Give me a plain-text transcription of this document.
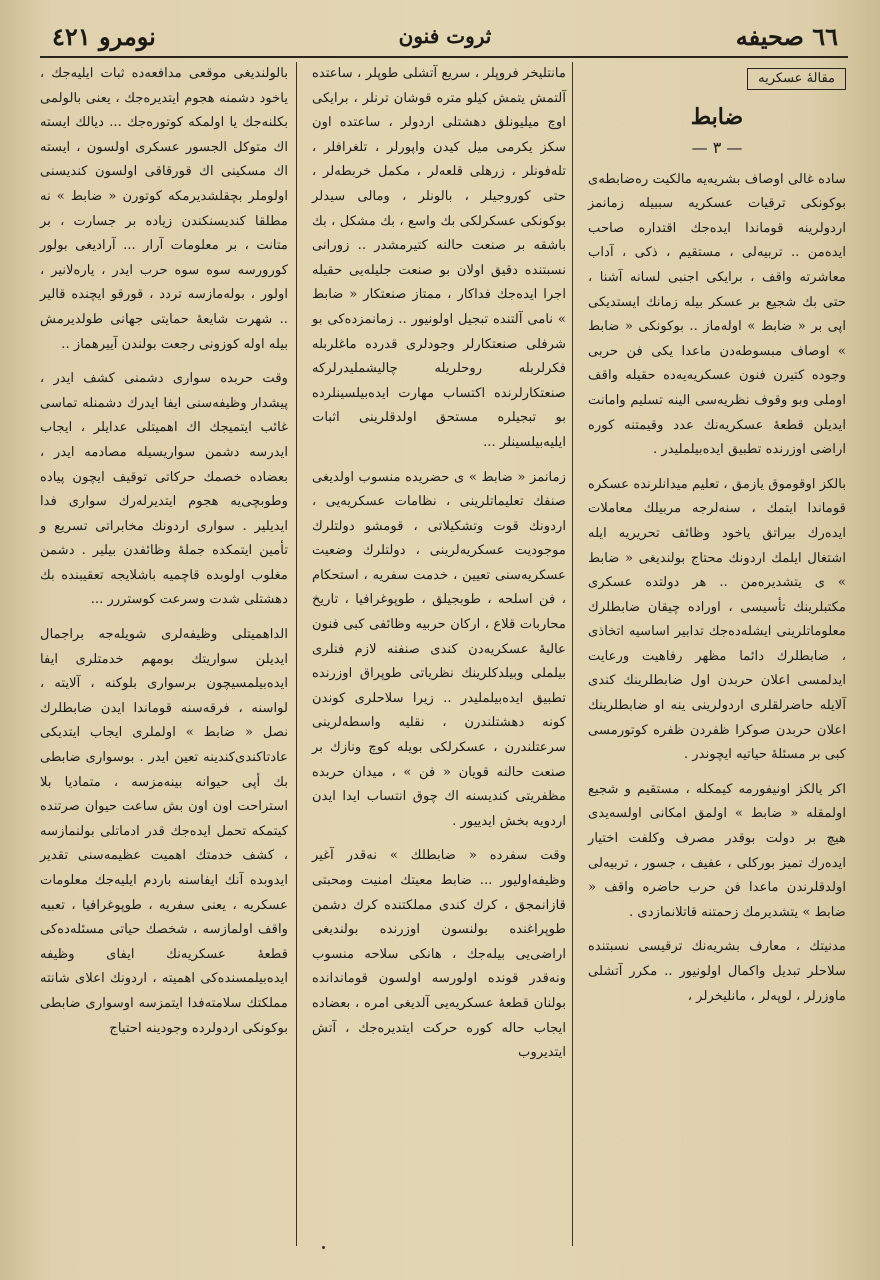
٦٦ صحیفه
ثروت فنون
نومرو ٤٢١
مقالهٔ عسكریه
ضابط
— ٣ —

ساده غالی اوصاف بشریه‌یه مالكیت ره‌ضابطه‌ی بوكونكی ترقیات عسكریه سببیله زمانمز اردولرینه قوماندا ایده‌جك اقتداره صاحب ایده‌من .. تربیه‌لی ، مستقیم ، ذكی ، آداب معاشرته واقف ، برایكی اجنبی لسانه آشنا ، حتی بك شجیع بر عسكر بیله زمانك ایستدیكی اپی بر « ضابط » اوله‌ماز .. بوكونكی « ضابط » اوصاف مبسوطه‌دن ماعدا یكی فن حربی وجوده كتیرن فنون عسكریه‌یه‌ده حقیله واقف اوملی وبو وقوف نظریه‌سی الینه تسلیم وامانت ایدیلن قطعهٔ عسكریه‌نك عدد وقیمتنه كوره اراضی اوزرنده تطبیق ایده‌بیلملیدر .

بالكز اوقوموق یازمق ، تعلیم میدانلرنده عسكره قوماندا ایتمك ، سنه‌لرجه مربیلك معاملات ایده‌رك بیراتق یاخود وظائف تحریریه ایله اشتغال ایلمك اردونك محتاج بولندیغی « ضابط » ی یتشدیره‌من .. هر دولتده عسكری مكتبلرینك تأسیسی ، اوراده چیقان ضابطلرك معلوماتلرینی ایشله‌ده‌جك تدابیر اساسیه اتخاذی ، ضابطلرك دائما مظهر رفاهیت ورعایت ایدلمسی اعلان حربدن اول ضابطلرینك كندی آلایله حاضرلقلری اردولرینی ینه او ضابطلرینك اعلان حربدن صوكرا ظفردن ظفره كوتورمسی كبی بر مسئلهٔ حیاتیه ایچوندر .

اكر یالكز اونیفورمه كیمكله ، مستقیم و شجیع اولمقله « ضابط » اولمق امكانی اولسه‌یدی هیچ بر دولت بوقدر مصرف وكلفت اختیار ایده‌رك تمیز بوركلی ، عفیف ، جسور ، تربیه‌لی اولدقلرندن ماعدا فن حرب حاضره واقف « ضابط » یتشدیرمك زحمتنه قاتلانمازدی .

مدنیتك ، معارف بشریه‌نك ترقیسی نسبتنده سلاحلر تبدیل واكمال اولونیور .. مكرر آتشلی ماوزرلر ، لوپه‌لر ، مانلیخرلر ،

مانتلیخر فروپلر ، سریع آتشلی طوپلر ، ساعتده آلتمش یتمش كیلو متره قوشان ترنلر ، برایكی اوچ میلیونلق دهشتلی اردولر ، ساعتده اون سكز یكرمی میل كیدن واپورلر ، تلغرافلر ، تله‌فونلر ، زرهلی قلعه‌لر ، مكمل خربطه‌لر ، حتی كوروجیلر ، بالونلر ، ومالی سیدلر بوكونكی عسكرلكی بك واسع ، بك مشكل ، بك باشقه بر صنعت حالنه كتیرمشدر .. زورانی نسبتنده دقیق اولان بو صنعت جلیله‌یی حقیله اجرا ایده‌جك فداكار ، ممتاز صنعتكار « ضابط » نامی آلتنده تبجیل اولونیور .. زمانمزده‌كی بو شرفلی صنعتكارلر وجودلری قدرده ماغلربله فكرلربله روحلریله چالیشملیدرلركه صنعتكارلرنده اكتساب مهارت ایده‌بیلسینلرده بو تبجیلره مستحق اولدقلرینی اثبات ایلیه‌بیلسینلر ...

زمانمز « ضابط » ی حضریده منسوب اولدیغی صنفك تعلیماتلرینی ، نظامات عسكریه‌یی ، اردونك قوت وتشكیلاتی ، قومشو دولتلرك موجودیت عسكریه‌لرینی ، دولتلرك وضعیت عسكریه‌سنی تعیین ، خدمت سفریه ، استحكام ، فن اسلحه ، طوبجیلق ، طوپوغرافیا ، تاریخ محاربات قلاع ، اركان حربیه وظائفی كبی فنون عالیهٔ عسكریه‌دن كندی صنفنه لازم فنلری بیلملی وبیلدكلرینك نظریاتی طوپراق اوزرنده تطبیق ایده‌بیلملیدر .. زیرا سلاحلری كوندن كونه دهشتلندرن ، نقلیه واسطه‌لرینی سرعتلندرن ، عسكرلكی بویله كوچ ونازك بر صنعت حالنه قویان « فن » ، میدان حربده مظفریتی كندیسنه اك چوق انتساب ایدا ایدن اردویه بخش ایدییور .

وقت سفرده « ضابطلك » نه‌قدر آغیر وظیفه‌اولیور ... ضابط معیتك امنیت ومحبتی قازانمجق ، كرك كندی مملكتنده كرك دشمن طوپراغنده بولنسون اوزرنده بولندیغی اراضی‌یی بیله‌جك ، هانكی سلاحه منسوب ونه‌قدر قونده اولورسه اولسون قوماندانده بولنان قطعهٔ عسكریه‌یی آلدیغی امره ، بعضاده ایجاب حاله كوره حركت ایتدیره‌جك ، آتش ایتدیروب

بالولندیغی موقعی مدافعه‌ده ثبات ایلیه‌جك ، یاخود دشمنه هجوم ایتدیره‌جك ، یعنی بالولمی بكلنه‌جك یا اولمكه كوتوره‌جك ... دیالك ایسته اك متوكل الجسور عسكری اولسون ، ایسته اك مسكینی اك قورقاقی اولسون كندیسنی اولوملر بچقلشدیرمكه كوتورن « ضابط » نه مطلقا كندیسنكندن زیاده بر جسارت ، بر متانت ، بر معلومات آرار ... آرادیغی بولور كورورسه سوه سوه حرب ایدر ، یارەلانیر ، اولور ، بولەمازسه تردد ، قورقو ایچنده قالیر .. شهرت شایعهٔ حمایتی جهانی طولدیرمش بیله اوله كوزونی رجعت بولندن آییرهماز ..

وقت حربده سواری دشمنی كشف ایدر ، پیشدار وظیفه‌سنی ایفا ایدرك دشمنله تماسی غائب ایتمیجك اك اهمیتلی عدایلر ، ایجاب ایدرسه دشمن سواریسیله مصادمه ایدر ، بعضاده خصمك حركاتی توقیف ایچون پیاده وطوبچی‌یه هجوم ایتدیرلەرك سواری فدا ایدیلیر . سواری اردونك مخابراتی تسریع و تأمین ایتمكده جملهٔ وظائفدن بیلیر . دشمن مغلوب اولوبده قاچمیه باشلایجه تعقیبنده بك دهشتلی شدت وسرعت كوستررر ...

الداهمیتلی وظیفه‌لری شویله‌جه براجمال ایدیلن سواریتك بومهم خدمتلری ایفا ایده‌بیلمسیچون برسواری بلوكنه ، آلایته ، لواسنه ، فرقه‌سنه قوماندا ایدن ضابطلرك نصل « ضابط » اولملری ایجاب ایتدیكی عادتاكندی‌كندینه تعین ایدر . بوسواری ضابطی بك أپی حیوانه بینه‌مزسه ، متمادیا بلا استراحت اون اون بش ساعت حیوان صرتنده كیتمكه تحمل ایده‌جك قدر ادماتلی بولنمازسه ، كشف خدمتك اهمیت عظیمه‌سنی تقدیر ایدوبده آنك ایفاسنه باردم ایلیه‌جك معلومات عسكریه ، یعنی سفریه ، طوپوغرافیا ، تعبیه واقف اولمازسه ، شخصك حیاتی مسئله‌ده‌كی قطعهٔ عسكریه‌نك ایفای وظیفه ایده‌بیلمسنده‌كی اهمیته ، اردونك اعلای شانته مملكتك سلامته‌فدا ایتمزسه اوسواری ضابطی بوكونكی اردولرده وجودینه احتیاج
